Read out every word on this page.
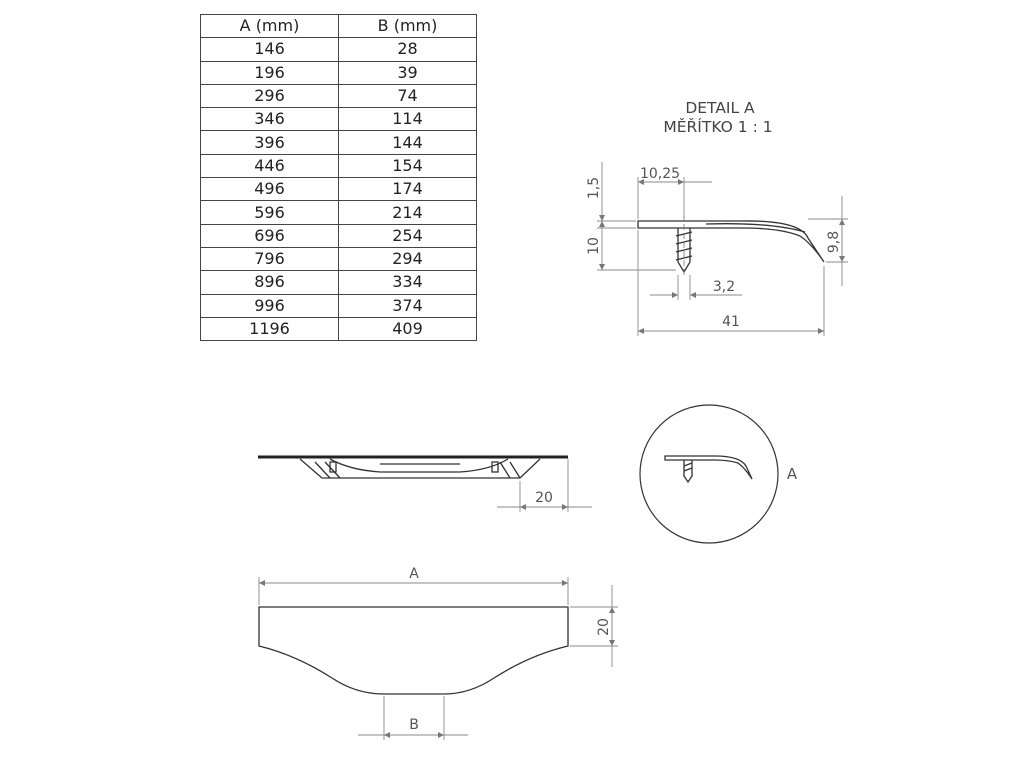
A (mm)	B (mm)
146	28
196	39
296	74
346	114
396	144
446	154
496	174
596	214
696	254
796	294
896	334
996	374
1196	409
DETAIL A
MĚŘÍTKO 1 : 1
10,25
1,5
10	9,8
3,2
41
20
A
A
20
B
